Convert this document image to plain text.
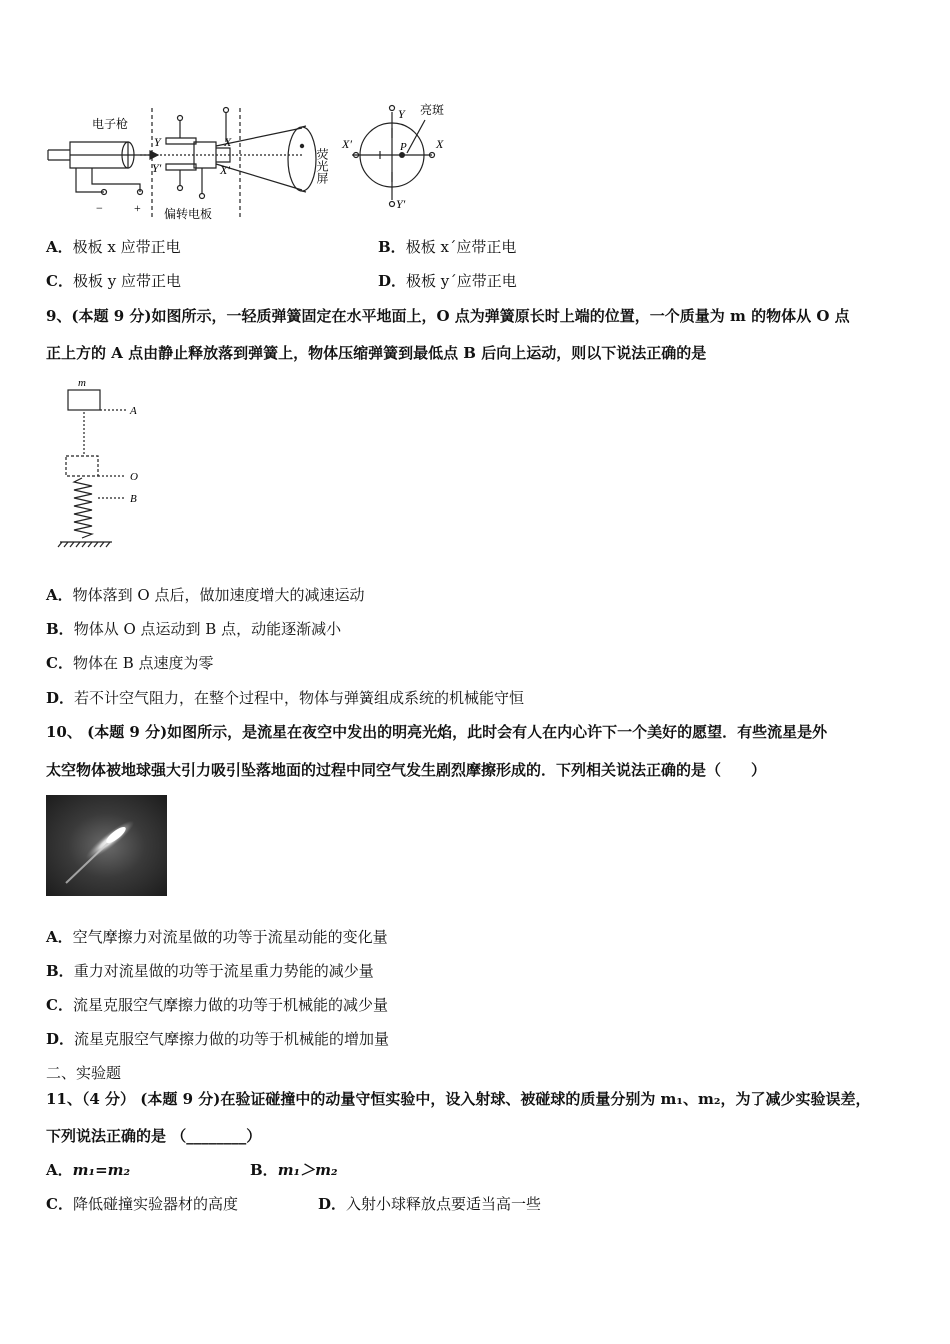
电子枪
偏转电板
−	+
Y
Y′
X
X′	荧光屏
亮斑
Y
Y′
X
X′	P
A．极板 x 应带正电	B．极板 x´应带正电
C．极板 y 应带正电	D．极板 y´应带正电
9、(本题 9 分)如图所示，一轻质弹簧固定在水平地面上，O 点为弹簧原长时上端的位置，一个质量为 m 的物体从 O 点
正上方的 A 点由静止释放落到弹簧上，物体压缩弹簧到最低点 B 后向上运动，则以下说法正确的是
m
A
O
B
A．物体落到 O 点后，做加速度增大的减速运动
B．物体从 O 点运动到 B 点，动能逐渐减小
C．物体在 B 点速度为零
D．若不计空气阻力，在整个过程中，物体与弹簧组成系统的机械能守恒
10、 (本题 9 分)如图所示，是流星在夜空中发出的明亮光焰，此时会有人在内心许下一个美好的愿望．有些流星是外
太空物体被地球强大引力吸引坠落地面的过程中同空气发生剧烈摩擦形成的．下列相关说法正确的是（　　）
A．空气摩擦力对流星做的功等于流星动能的变化量
B．重力对流星做的功等于流星重力势能的减少量
C．流星克服空气摩擦力做的功等于机械能的减少量
D．流星克服空气摩擦力做的功等于机械能的增加量
二、实验题
11、（4 分） (本题 9 分)在验证碰撞中的动量守恒实验中，设入射球、被碰球的质量分别为 m₁、m₂，为了减少实验误差，
下列说法正确的是 （________）
A．m₁=m₂	B．m₁＞m₂
C．降低碰撞实验器材的高度	D．入射小球释放点要适当高一些
